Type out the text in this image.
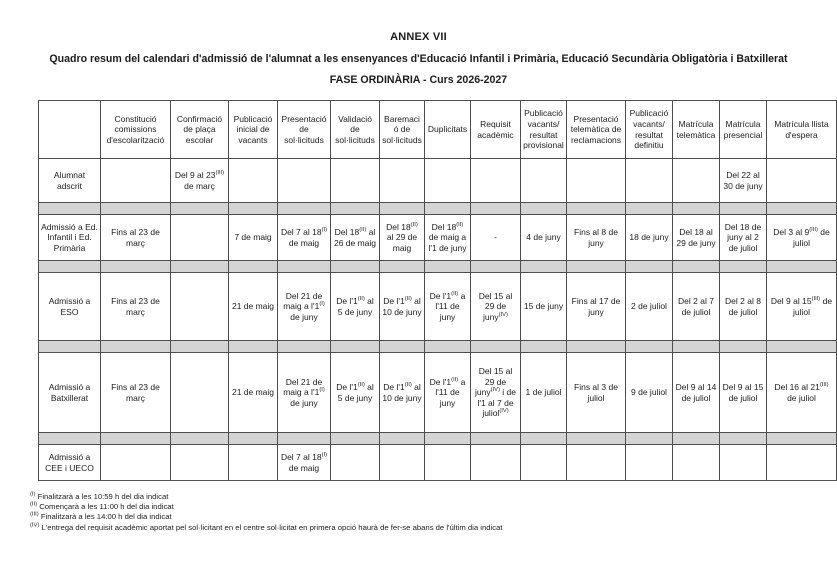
ANNEX VII
Quadro resum del calendari d'admissió de l'alumnat a les ensenyances d'Educació Infantil i Primària, Educació Secundària Obligatòria i Batxillerat
FASE ORDINÀRIA - Curs 2026-2027
	Constitució comissions d'escolarització	Confirmació de plaça escolar	Publicació inicial de vacants	Presentació de sol·licituds	Validació de sol·licituds	Baremació de sol·licituds	Duplicitats	Requisit acadèmic	Publicació vacants/ resultat provisional	Presentació telemàtica de reclamacions	Publicació vacants/ resultat definitiu	Matrícula telemàtica	Matrícula presencial	Matrícula llista d'espera
Alumnat adscrit		Del 9 al $23^{(III)}$ de març											Del 22 al 30 de juny	

Admissió a Ed. Infantil i Ed. Primària	Fins al 23 de març		7 de maig	Del 7 al $18^{(I)}$ de maig	Del $18^{(II)}$ al 26 de maig	Del $18^{(II)}$ al 29 de maig	Del $18^{(II)}$ de maig a l'1 de juny	-	4 de juny	Fins al 8 de juny	18 de juny	Del 18 al 29 de juny	Del 18 de juny al 2 de juliol	Del 3 al $9^{(III)}$ de juliol

Admissió a ESO	Fins al 23 de març		21 de maig	Del 21 de maig a $l'1^{(I)}$ de juny	De $l'1^{(II)}$ al 5 de juny	De $l'1^{(II)}$ al 10 de juny	De $l'1^{(II)}$ a l'11 de juny	Del 15 al 29 de juny$^{(IV)}$	15 de juny	Fins al 17 de juny	2 de juliol	Del 2 al 7 de juliol	Del 2 al 8 de juliol	Del 9 al $15^{(III)}$ de juliol

Admissió a Batxillerat	Fins al 23 de març		21 de maig	Del 21 de maig a $l'1^{(I)}$ de juny	De $l'1^{(II)}$ al 5 de juny	De $l'1^{(II)}$ al 10 de juny	De $l'1^{(II)}$ a l'11 de juny	Del 15 al 29 de juny$^{(IV)}$ i de l'1 al 7 de juliol$^{(IV)}$	1 de juliol	Fins al 3 de juliol	9 de juliol	Del 9 al 14 de juliol	Del 9 al 15 de juliol	Del 16 al $21^{(III)}$ de juliol

Admissió a CEE i UECO				Del 7 al $18^{(I)}$ de maig										
$^{(I)}$ Finalitzarà a les 10:59 h del dia indicat
$^{(II)}$ Començarà a les 11:00 h del dia indicat
$^{(III)}$ Finalitzarà a les 14:00 h del dia indicat
$^{(IV)}$ L'entrega del requisit acadèmic aportat pel sol·licitant en el centre sol·licitat en primera opció haurà de fer-se abans de l'últim dia indicat
